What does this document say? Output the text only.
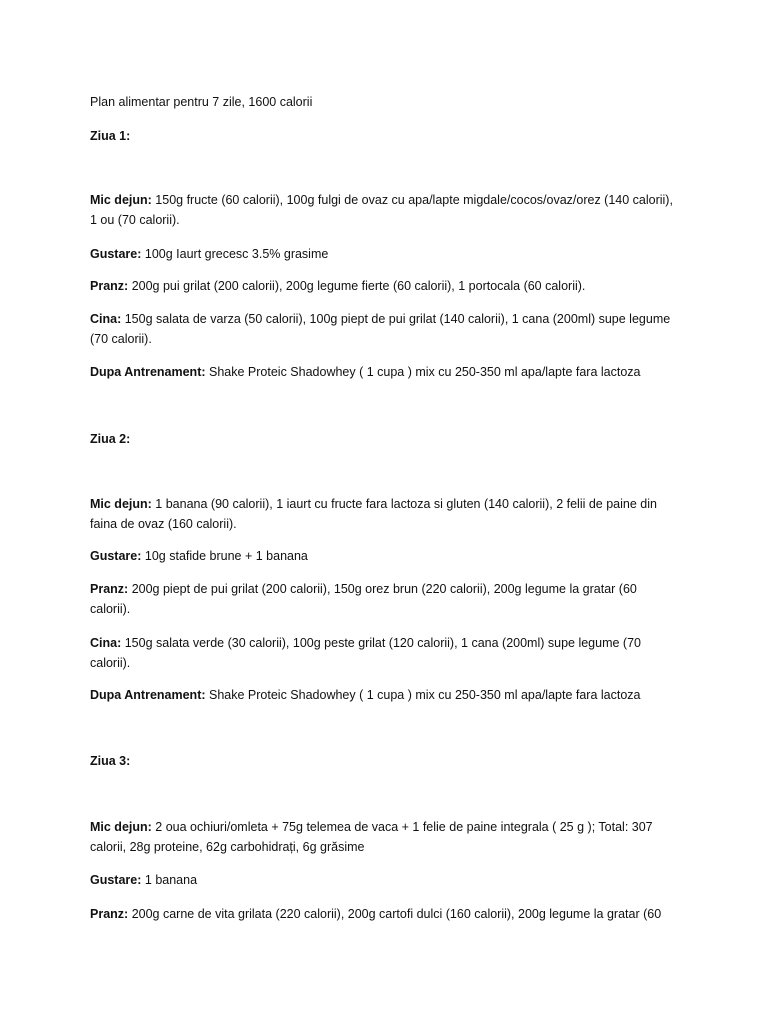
Plan alimentar pentru 7 zile, 1600 calorii

Ziua 1:

Mic dejun: 150g fructe (60 calorii), 100g fulgi de ovaz cu apa/lapte migdale/cocos/ovaz/orez (140 calorii), 1 ou (70 calorii).

Gustare: 100g Iaurt grecesc 3.5% grasime

Pranz: 200g pui grilat (200 calorii), 200g legume fierte (60 calorii), 1 portocala (60 calorii).

Cina: 150g salata de varza (50 calorii), 100g piept de pui grilat (140 calorii), 1 cana (200ml) supe legume (70 calorii).

Dupa Antrenament: Shake Proteic Shadowhey ( 1 cupa ) mix cu 250-350 ml apa/lapte fara lactoza

Ziua 2:

Mic dejun: 1 banana (90 calorii), 1 iaurt cu fructe fara lactoza si gluten (140 calorii), 2 felii de paine din faina de ovaz (160 calorii).

Gustare: 10g stafide brune + 1 banana

Pranz: 200g piept de pui grilat (200 calorii), 150g orez brun (220 calorii), 200g legume la gratar (60 calorii).

Cina: 150g salata verde (30 calorii), 100g peste grilat (120 calorii), 1 cana (200ml) supe legume (70 calorii).

Dupa Antrenament: Shake Proteic Shadowhey ( 1 cupa ) mix cu 250-350 ml apa/lapte fara lactoza

Ziua 3:

Mic dejun: 2 oua ochiuri/omleta + 75g telemea de vaca + 1 felie de paine integrala ( 25 g ); Total: 307 calorii, 28g proteine, 62g carbohidrați, 6g grăsime

Gustare: 1 banana

Pranz: 200g carne de vita grilata (220 calorii), 200g cartofi dulci (160 calorii), 200g legume la gratar (60
